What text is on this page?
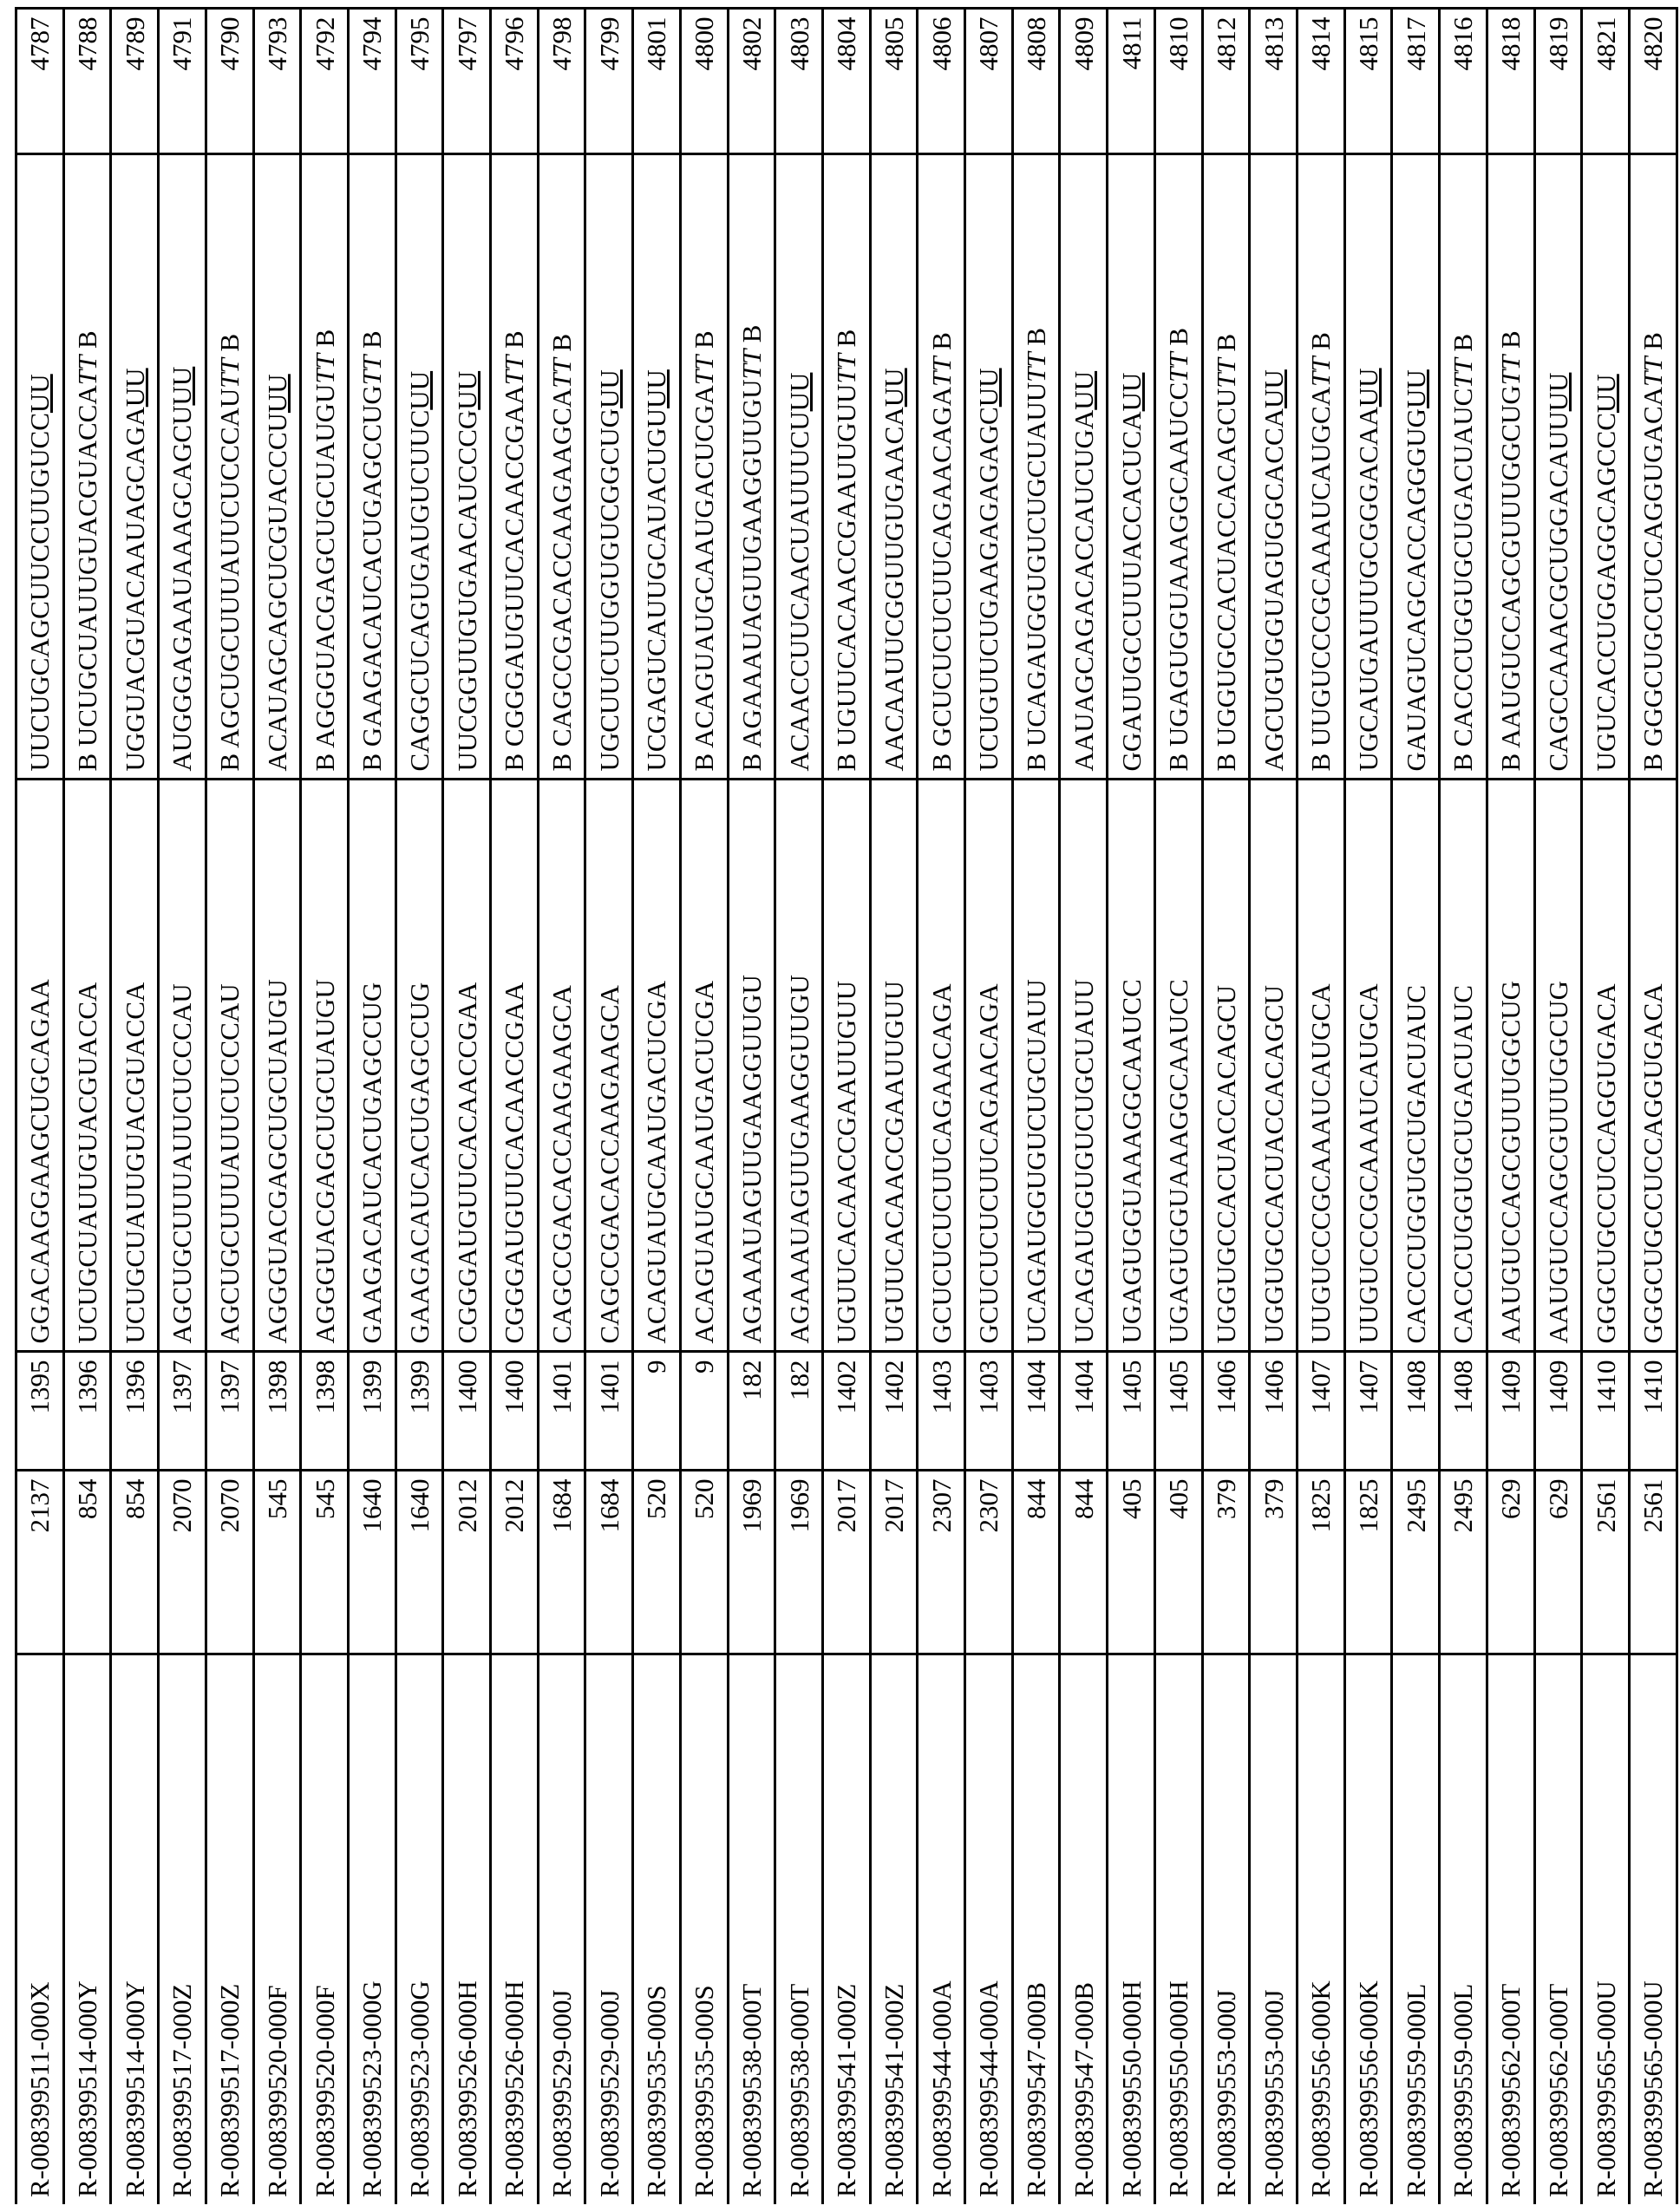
R-008399511-000X	2137	1395	GGACAAGGAAGCUGCAGAA	UUCUGCAGCUUCCUUGUCCUU	4787
R-008399514-000Y	854	1396	UCUGCUAUUGUACGUACCA	B UCUGCUAUUGUACGUACCATT B	4788
R-008399514-000Y	854	1396	UCUGCUAUUGUACGUACCA	UGGUACGUACAAUAGCAGAUU	4789
R-008399517-000Z	2070	1397	AGCUGCUUUAUUCUCCCAU	AUGGGAGAAUAAAGCAGCUUU	4791
R-008399517-000Z	2070	1397	AGCUGCUUUAUUCUCCCAU	B AGCUGCUUUAUUCUCCCAUTT B	4790
R-008399520-000F	545	1398	AGGGUACGAGCUGCUAUGU	ACAUAGCAGCUCGUACCCUUU	4793
R-008399520-000F	545	1398	AGGGUACGAGCUGCUAUGU	B AGGGUACGAGCUGCUAUGUTT B	4792
R-008399523-000G	1640	1399	GAAGACAUCACUGAGCCUG	B GAAGACAUCACUGAGCCUGTT B	4794
R-008399523-000G	1640	1399	GAAGACAUCACUGAGCCUG	CAGGCUCAGUGAUGUCUUCUU	4795
R-008399526-000H	2012	1400	CGGGAUGUUCACAACCGAA	UUCGGUUGUGAACAUCCCGUU	4797
R-008399526-000H	2012	1400	CGGGAUGUUCACAACCGAA	B CGGGAUGUUCACAACCGAATT B	4796
R-008399529-000J	1684	1401	CAGCCGACACCAAGAAGCA	B CAGCCGACACCAAGAAGCATT B	4798
R-008399529-000J	1684	1401	CAGCCGACACCAAGAAGCA	UGCUUCUUGGUGUCGGCUGUU	4799
R-008399535-000S	520	9	ACAGUAUGCAAUGACUCGA	UCGAGUCAUUGCAUACUGUUU	4801
R-008399535-000S	520	9	ACAGUAUGCAAUGACUCGA	B ACAGUAUGCAAUGACUCGATT B	4800
R-008399538-000T	1969	182	AGAAAUAGUUGAAGGUUGU	B AGAAAUAGUUGAAGGUUGUTT B	4802
R-008399538-000T	1969	182	AGAAAUAGUUGAAGGUUGU	ACAACCUUCAACUAUUUCUUU	4803
R-008399541-000Z	2017	1402	UGUUCACAACCGAAUUGUU	B UGUUCACAACCGAAUUGUUTT B	4804
R-008399541-000Z	2017	1402	UGUUCACAACCGAAUUGUU	AACAAUUCGGUUGUGAACAUU	4805
R-008399544-000A	2307	1403	GCUCUCUCUUCAGAACAGA	B GCUCUCUCUUCAGAACAGATT B	4806
R-008399544-000A	2307	1403	GCUCUCUCUUCAGAACAGA	UCUGUUCUGAAGAGAGAGCUU	4807
R-008399547-000B	844	1404	UCAGAUGGUGUCUGCUAUU	B UCAGAUGGUGUCUGCUAUUTT B	4808
R-008399547-000B	844	1404	UCAGAUGGUGUCUGCUAUU	AAUAGCAGACACCAUCUGAUU	4809
R-008399550-000H	405	1405	UGAGUGGUAAAGGCAAUCC	GGAUUGCCUUUACCACUCAUU	4811
R-008399550-000H	405	1405	UGAGUGGUAAAGGCAAUCC	B UGAGUGGUAAAGGCAAUCCTT B	4810
R-008399553-000J	379	1406	UGGUGCCACUACCACAGCU	B UGGUGCCACUACCACAGCUTT B	4812
R-008399553-000J	379	1406	UGGUGCCACUACCACAGCU	AGCUGUGGUAGUGGCACCAUU	4813
R-008399556-000K	1825	1407	UUGUCCCGCAAAUCAUGCA	B UUGUCCCGCAAAUCAUGCATT B	4814
R-008399556-000K	1825	1407	UUGUCCCGCAAAUCAUGCA	UGCAUGAUUUGCGGGACAAUU	4815
R-008399559-000L	2495	1408	CACCCUGGUGCUGACUAUC	GAUAGUCAGCACCAGGGUGUU	4817
R-008399559-000L	2495	1408	CACCCUGGUGCUGACUAUC	B CACCCUGGUGCUGACUAUCTT B	4816
R-008399562-000T	629	1409	AAUGUCCAGCGUUUGGCUG	B AAUGUCCAGCGUUUGGCUGTT B	4818
R-008399562-000T	629	1409	AAUGUCCAGCGUUUGGCUG	CAGCCAAACGCUGGACAUUUU	4819
R-008399565-000U	2561	1410	GGGCUGCCUCCAGGUGACA	UGUCACCUGGAGGCAGCCCUU	4821
R-008399565-000U	2561	1410	GGGCUGCCUCCAGGUGACA	B GGGCUGCCUCCAGGUGACATT B	4820
